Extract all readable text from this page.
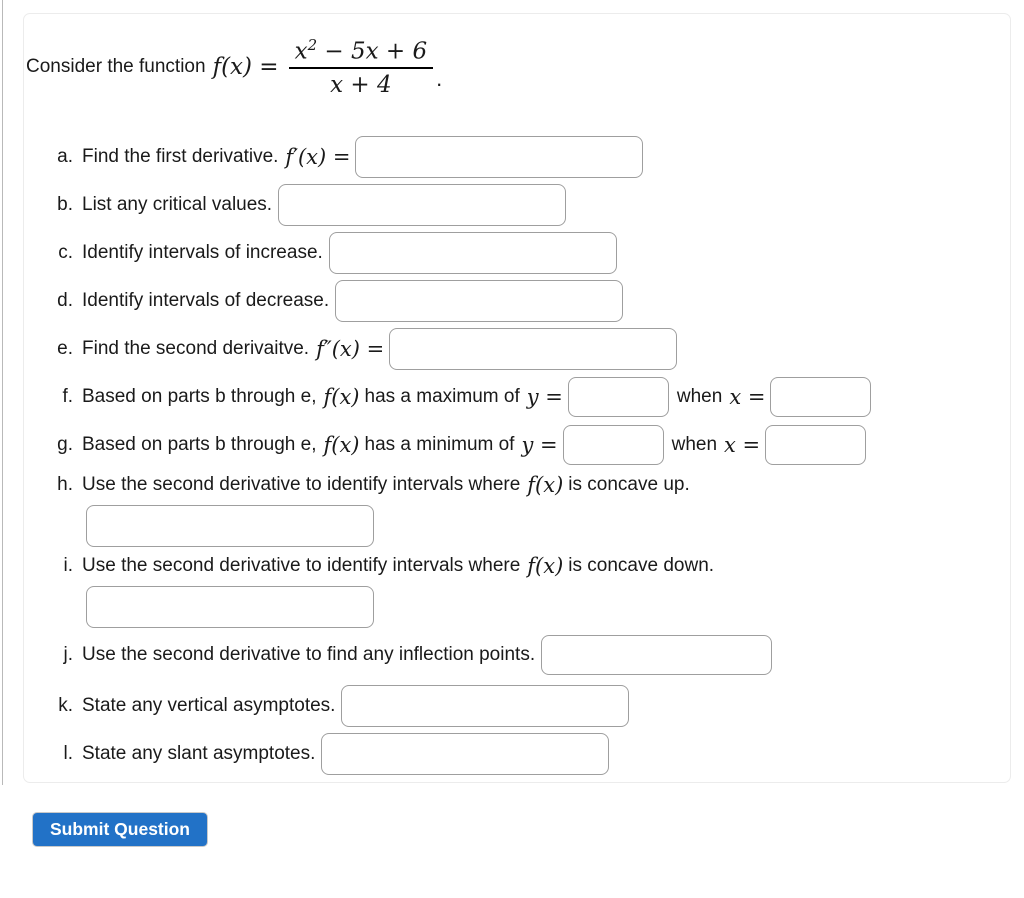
Consider the function $f(x) = \frac{x^2 - 5x + 6}{x + 4}$ .
a. Find the first derivative. f′(x) =
b. List any critical values.
c. Identify intervals of increase.
d. Identify intervals of decrease.
e. Find the second derivaitve. f″(x) =
f. Based on parts b through e, f(x) has a maximum of y =	when x =
g. Based on parts b through e, f(x) has a minimum of y =	when x =
h. Use the second derivative to identify intervals where f(x) is concave up.
i. Use the second derivative to identify intervals where f(x) is concave down.
j. Use the second derivative to find any inflection points.
k. State any vertical asymptotes.
l. State any slant asymptotes.
Submit Question
